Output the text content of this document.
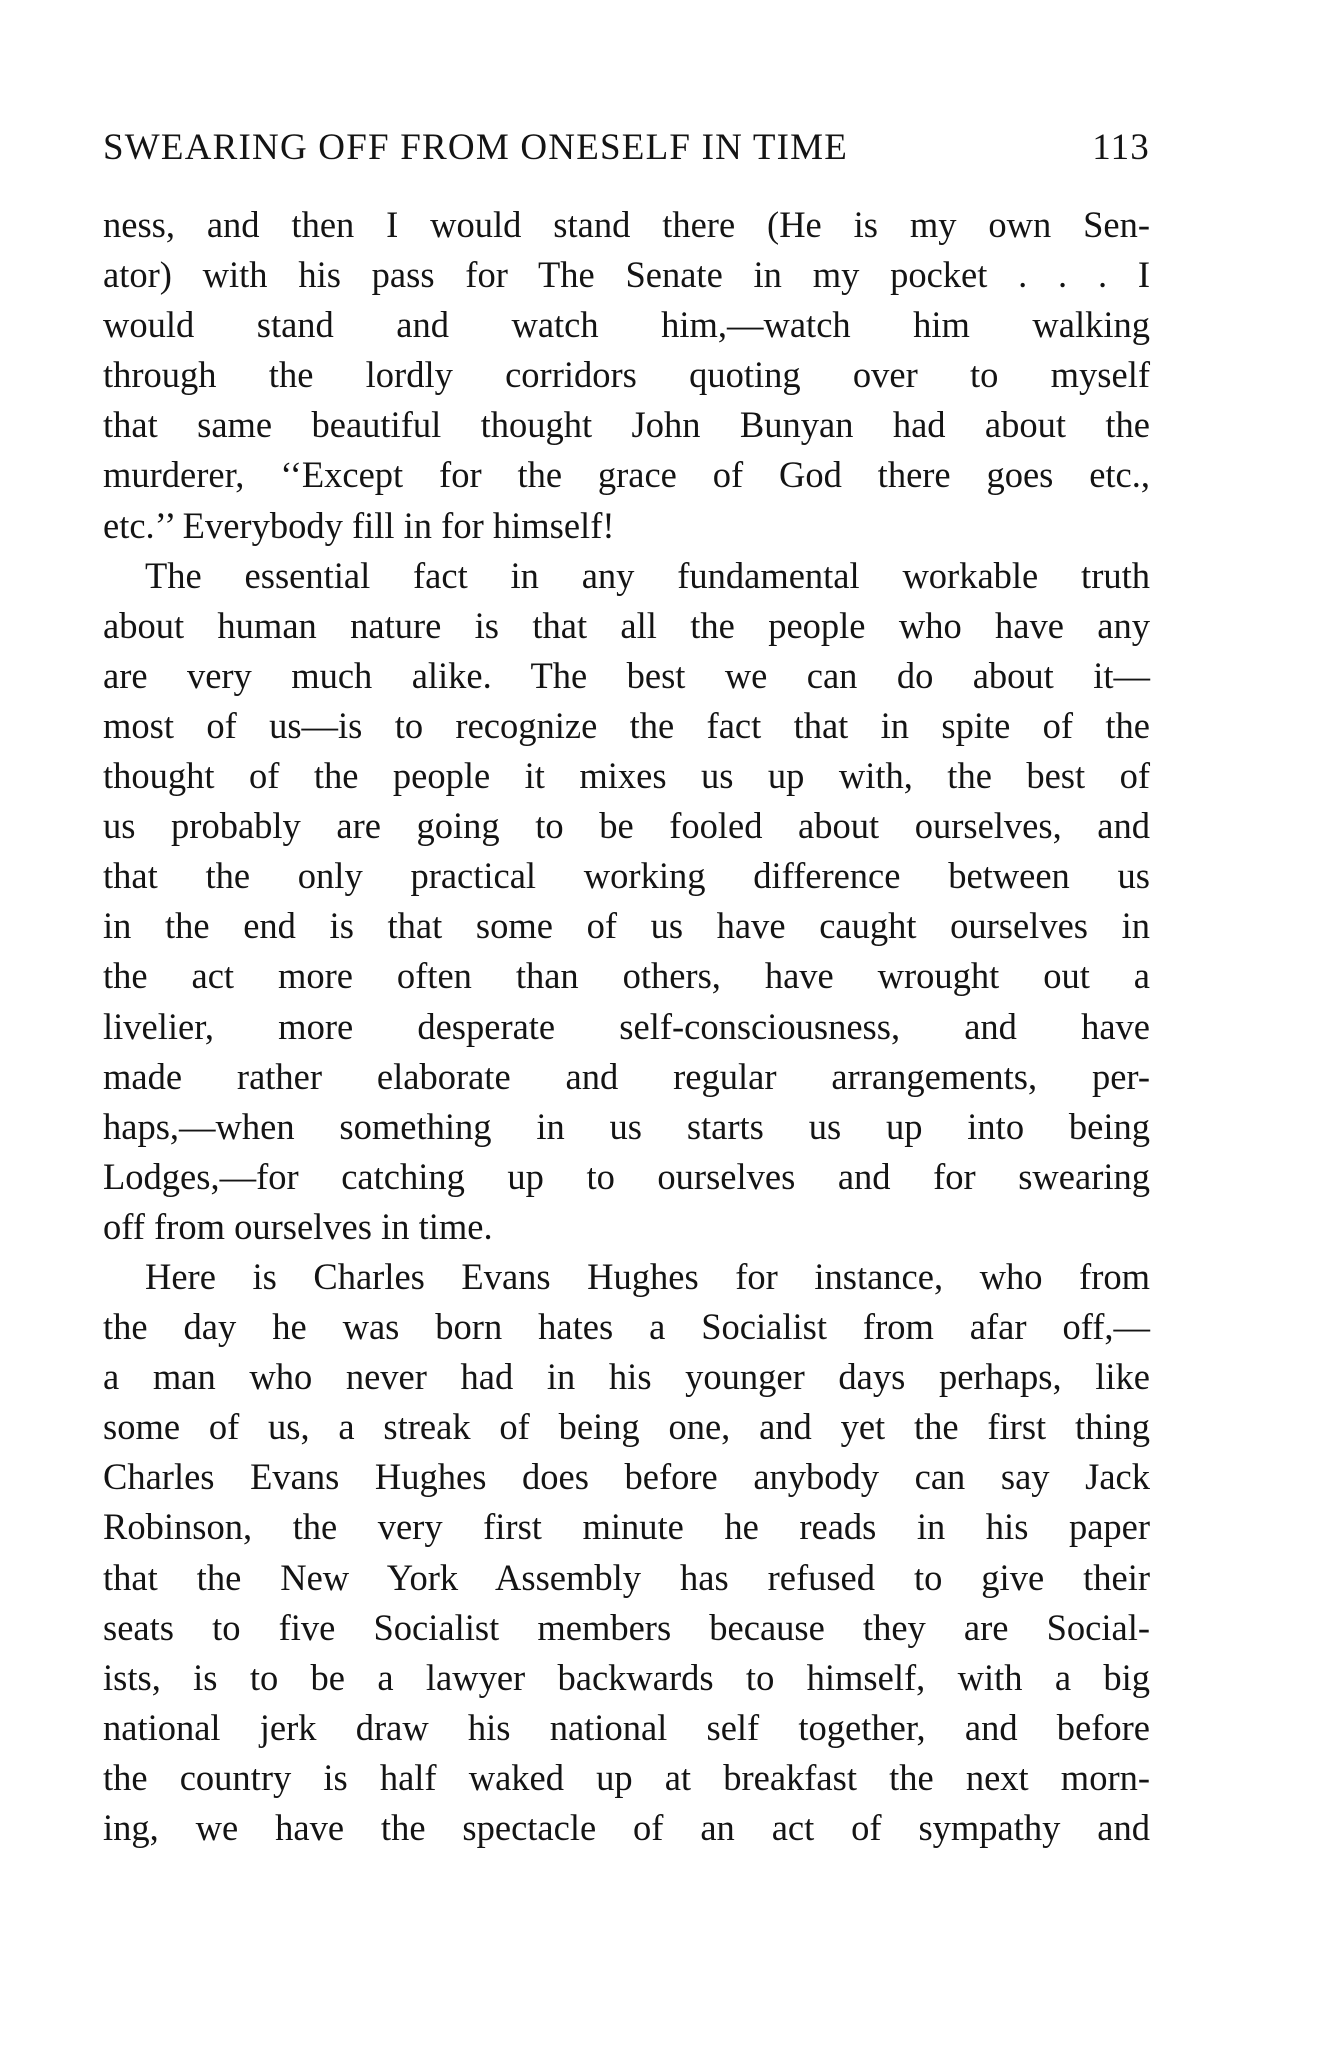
SWEARING OFF FROM ONESELF IN TIME	113
ness, and then I would stand there (He is my own Sen-
ator) with his pass for The Senate in my pocket . . . I
would stand and watch him,—watch him walking
through the lordly corridors quoting over to myself
that same beautiful thought John Bunyan had about the
murderer, ‘‘Except for the grace of God there goes etc.,
etc.’’ Everybody fill in for himself!
The essential fact in any fundamental workable truth
about human nature is that all the people who have any
are very much alike. The best we can do about it—
most of us—is to recognize the fact that in spite of the
thought of the people it mixes us up with, the best of
us probably are going to be fooled about ourselves, and
that the only practical working difference between us
in the end is that some of us have caught ourselves in
the act more often than others, have wrought out a
livelier, more desperate self-consciousness, and have
made rather elaborate and regular arrangements, per-
haps,—when something in us starts us up into being
Lodges,—for catching up to ourselves and for swearing
off from ourselves in time.
Here is Charles Evans Hughes for instance, who from
the day he was born hates a Socialist from afar off,—
a man who never had in his younger days perhaps, like
some of us, a streak of being one, and yet the first thing
Charles Evans Hughes does before anybody can say Jack
Robinson, the very first minute he reads in his paper
that the New York Assembly has refused to give their
seats to five Socialist members because they are Social-
ists, is to be a lawyer backwards to himself, with a big
national jerk draw his national self together, and before
the country is half waked up at breakfast the next morn-
ing, we have the spectacle of an act of sympathy and
